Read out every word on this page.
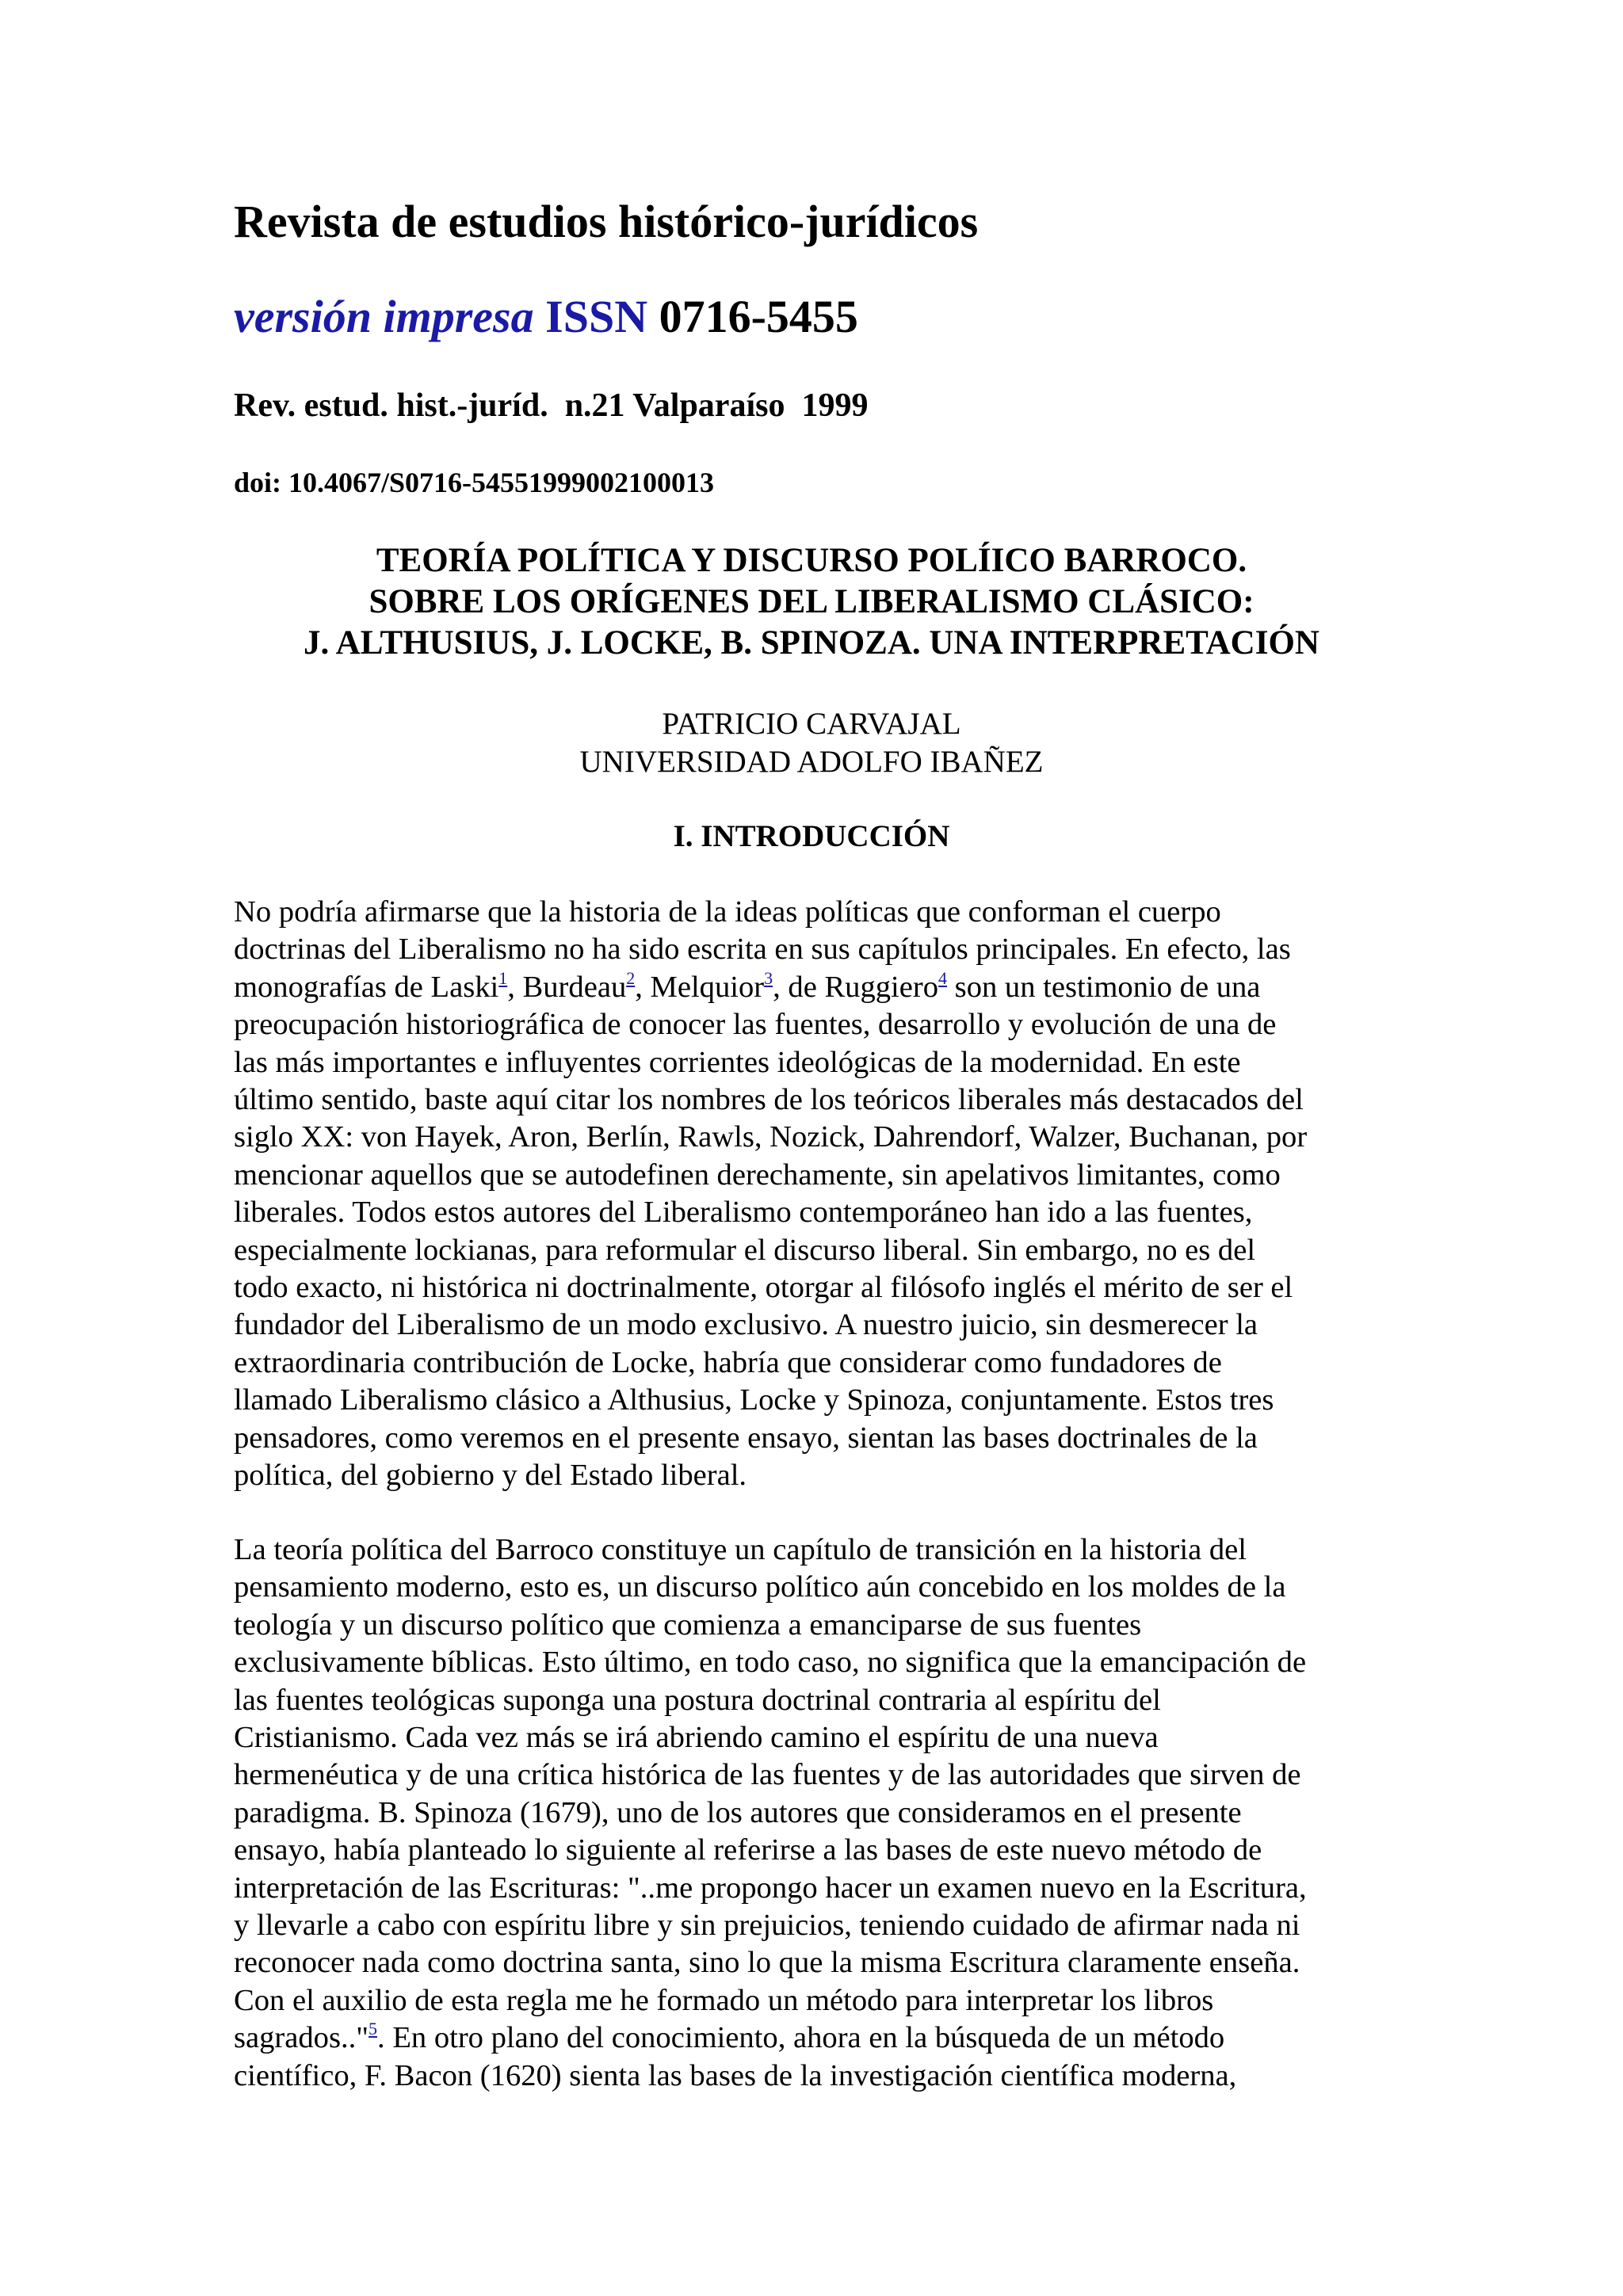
Revista de estudios histórico-jurídicos
versión impresa ISSN 0716-5455
Rev. estud. hist.-juríd.  n.21 Valparaíso  1999
doi: 10.4067/S0716-54551999002100013
TEORÍA POLÍTICA Y DISCURSO POLÍICO BARROCO.
SOBRE LOS ORÍGENES DEL LIBERALISMO CLÁSICO:
J. ALTHUSIUS, J. LOCKE, B. SPINOZA. UNA INTERPRETACIÓN
PATRICIO CARVAJAL
UNIVERSIDAD ADOLFO IBAÑEZ
I. INTRODUCCIÓN

No podría afirmarse que la historia de la ideas políticas que conforman el cuerpo
doctrinas del Liberalismo no ha sido escrita en sus capítulos principales. En efecto, las
monografías de Laski$^1$, Burdeau$^2$, Melquior$^3$, de Ruggiero$^4$ son un testimonio de una
preocupación historiográfica de conocer las fuentes, desarrollo y evolución de una de
las más importantes e influyentes corrientes ideológicas de la modernidad. En este
último sentido, baste aquí citar los nombres de los teóricos liberales más destacados del
siglo XX: von Hayek, Aron, Berlín, Rawls, Nozick, Dahrendorf, Walzer, Buchanan, por
mencionar aquellos que se autodefinen derechamente, sin apelativos limitantes, como
liberales. Todos estos autores del Liberalismo contemporáneo han ido a las fuentes,
especialmente lockianas, para reformular el discurso liberal. Sin embargo, no es del
todo exacto, ni histórica ni doctrinalmente, otorgar al filósofo inglés el mérito de ser el
fundador del Liberalismo de un modo exclusivo. A nuestro juicio, sin desmerecer la
extraordinaria contribución de Locke, habría que considerar como fundadores de
llamado Liberalismo clásico a Althusius, Locke y Spinoza, conjuntamente. Estos tres
pensadores, como veremos en el presente ensayo, sientan las bases doctrinales de la
política, del gobierno y del Estado liberal.

La teoría política del Barroco constituye un capítulo de transición en la historia del
pensamiento moderno, esto es, un discurso político aún concebido en los moldes de la
teología y un discurso político que comienza a emanciparse de sus fuentes
exclusivamente bíblicas. Esto último, en todo caso, no significa que la emancipación de
las fuentes teológicas suponga una postura doctrinal contraria al espíritu del
Cristianismo. Cada vez más se irá abriendo camino el espíritu de una nueva
hermenéutica y de una crítica histórica de las fuentes y de las autoridades que sirven de
paradigma. B. Spinoza (1679), uno de los autores que consideramos en el presente
ensayo, había planteado lo siguiente al referirse a las bases de este nuevo método de
interpretación de las Escrituras: "..me propongo hacer un examen nuevo en la Escritura,
y llevarle a cabo con espíritu libre y sin prejuicios, teniendo cuidado de afirmar nada ni
reconocer nada como doctrina santa, sino lo que la misma Escritura claramente enseña.
Con el auxilio de esta regla me he formado un método para interpretar los libros
sagrados.."$^5$. En otro plano del conocimiento, ahora en la búsqueda de un método
científico, F. Bacon (1620) sienta las bases de la investigación científica moderna,
